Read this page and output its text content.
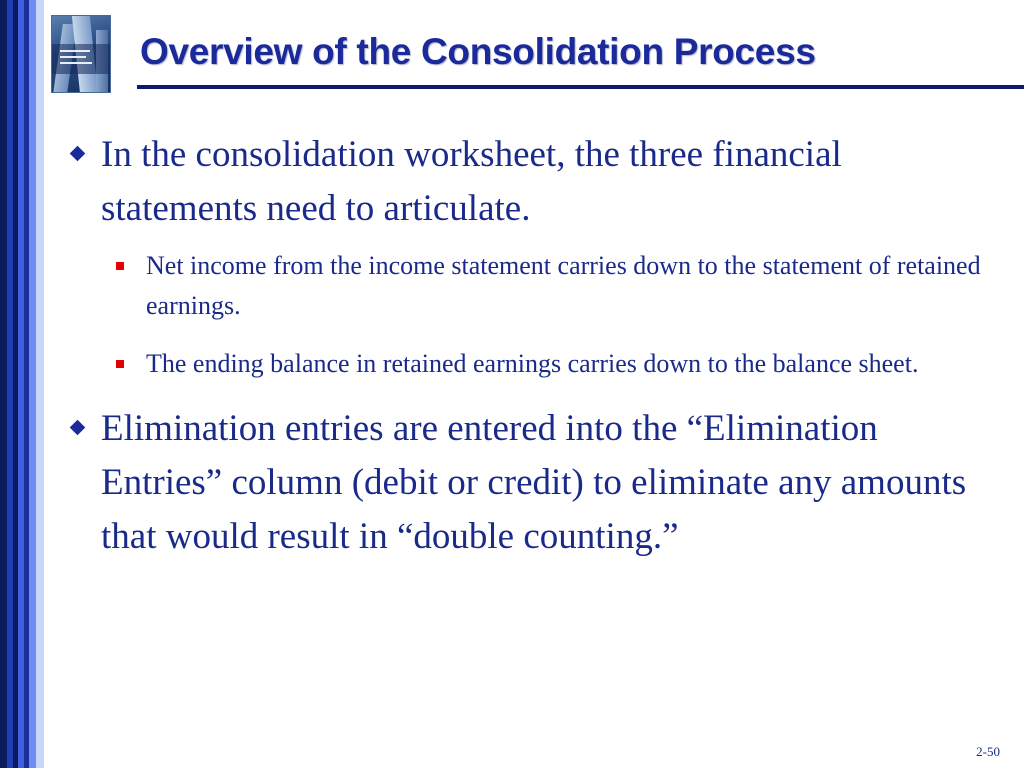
Overview of the Consolidation Process
In the consolidation worksheet, the three financial statements need to articulate.
Net income from the income statement carries down to the statement of retained earnings.
The ending balance in retained earnings carries down to the balance sheet.
Elimination entries are entered into the “Elimination Entries” column (debit or credit) to eliminate any amounts that would result in “double counting.”
2-50
